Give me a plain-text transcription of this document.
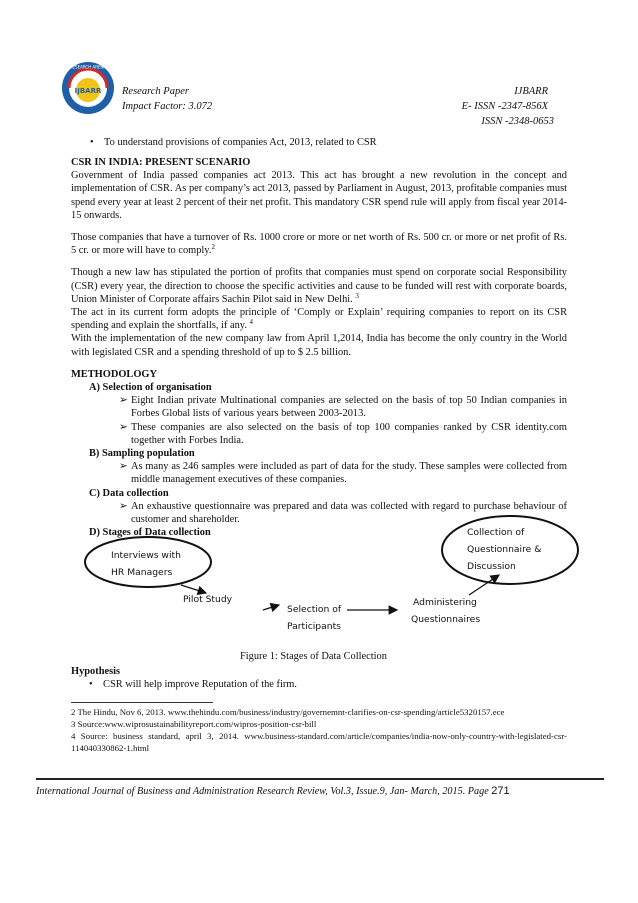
IJBARR
RESEARCH ARENA
Research Paper
Impact Factor: 3.072
IJBARR
E- ISSN -2347-856X
ISSN -2348-0653
•    To understand provisions of companies Act, 2013, related to CSR
CSR IN INDIA: PRESENT SCENARIO

Government of India passed companies act 2013. This act has brought a new revolution in the concept and implementation of CSR. As per company’s act 2013, passed by Parliament in August, 2013, profitable companies must spend every year at least 2 percent of their net profit. This mandatory CSR spend rule will apply from fiscal year 2014-15 onwards.

Those companies that have a turnover of Rs. 1000 crore or more or net worth of Rs. 500 cr. or more or net profit of Rs. 5 cr. or more will have to comply.$^2$

Though a new law has stipulated the portion of profits that companies must spend on corporate social Responsibility (CSR) every year, the direction to choose the specific activities and cause to be funded will rest with corporate boards, Union Minister of Corporate affairs Sachin Pilot said in New Delhi. $^3$

The act in its current form adopts the principle of ‘Comply or Explain’ requiring companies to report on its CSR spending and explain the shortfalls, if any. $^4$

With the implementation of the new company law from April 1,2014, India has become the only country in the World with legislated CSR and a spending threshold of up to $ 2.5 billion.

METHODOLOGY
A) Selection of organisation

➢ Eight Indian private Multinational companies are selected on the basis of top 50 Indian companies in Forbes Global lists of various years between 2003-2013.

➢ These companies are also selected on the basis of top 100 companies ranked by CSR identity.com together with Forbes India.

B) Sampling population

➢ As many as 246 samples were included as part of data for the study. These samples were collected from middle management executives of these companies.

C) Data collection

➢ An exhaustive questionnaire was prepared and data was collected with regard to purchase behaviour of customer and shareholder.

D) Stages of Data collection
Interviews with
HR Managers
Pilot Study
Selection of
Participants
Administering
Questionnaires
Collection of
Questionnaire &
Discussion
Figure 1: Stages of Data Collection
Hypothesis
•    CSR will help improve Reputation of the firm.
2 The Hindu, Nov 6, 2013. www.thehindu.com/business/industry/governemnt-clarifies-on-csr-spending/article5320157.ece
3 Source:www.wiprosustainabilityreport.com/wipros-position-csr-bill
4 Source: business standard, april 3, 2014. www.business-standard.com/article/companies/india-now-only-country-with-legislated-csr-114040330862-1.html
International Journal of Business and Administration Research Review, Vol.3, Issue.9, Jan- March, 2015. Page 271
